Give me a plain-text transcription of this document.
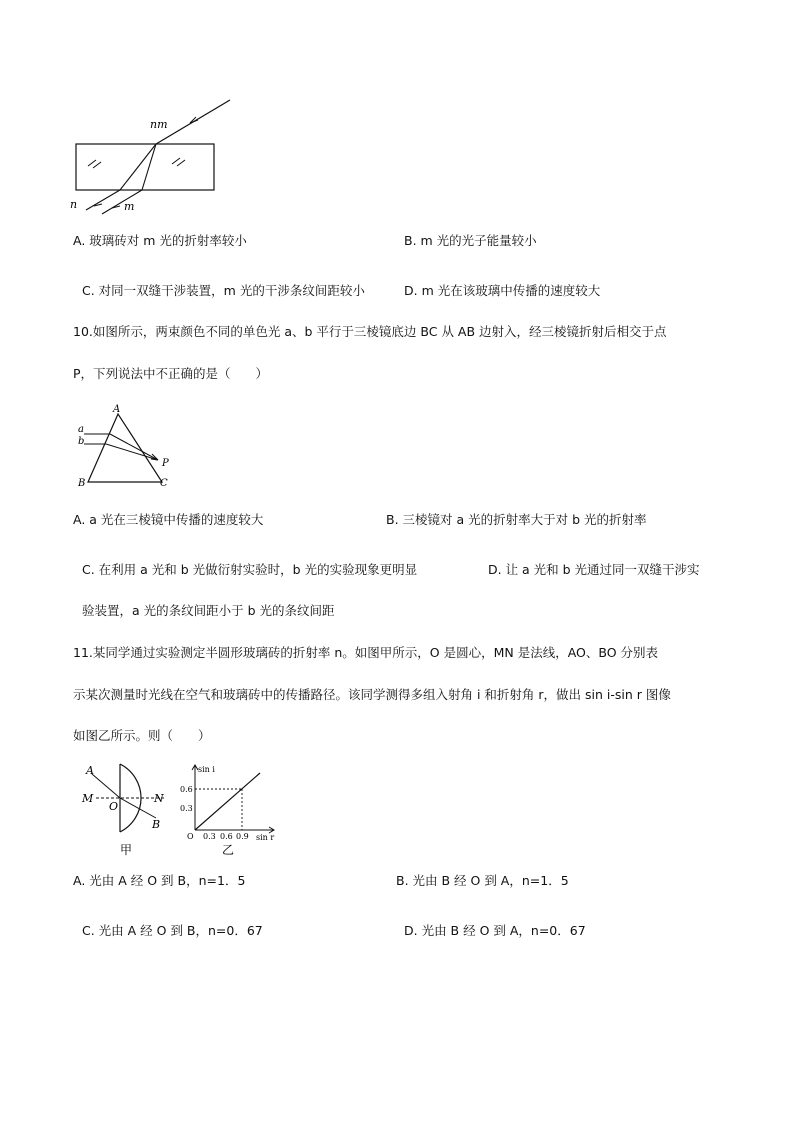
nm
n	m
A. 玻璃砖对 m 光的折射率较小	B. m 光的光子能量较小
C. 对同一双缝干涉装置，m 光的干涉条纹间距较小	D. m 光在该玻璃中传播的速度较大
10.如图所示，两束颜色不同的单色光 a、b 平行于三棱镜底边 BC 从 AB 边射入，经三棱镜折射后相交于点
P，下列说法中不正确的是（　　）
A
B	C
P
a
b
A. a 光在三棱镜中传播的速度较大	B. 三棱镜对 a 光的折射率大于对 b 光的折射率
C. 在利用 a 光和 b 光做衍射实验时，b 光的实验现象更明显	D. 让 a 光和 b 光通过同一双缝干涉实
验装置，a 光的条纹间距小于 b 光的条纹间距
11.某同学通过实验测定半圆形玻璃砖的折射率 n。如图甲所示，O 是圆心，MN 是法线，AO、BO 分别表
示某次测量时光线在空气和玻璃砖中的传播路径。该同学测得多组入射角 i 和折射角 r，做出 sin i-sin r 图像
如图乙所示。则（　　）
A
M
O
N
B
甲
sin i
sin r
O
0.6
0.3
0.3 0.6 0.9
乙
A. 光由 A 经 O 到 B，n=1．5	B. 光由 B 经 O 到 A，n=1．5
C. 光由 A 经 O 到 B，n=0．67	D. 光由 B 经 O 到 A，n=0．67
